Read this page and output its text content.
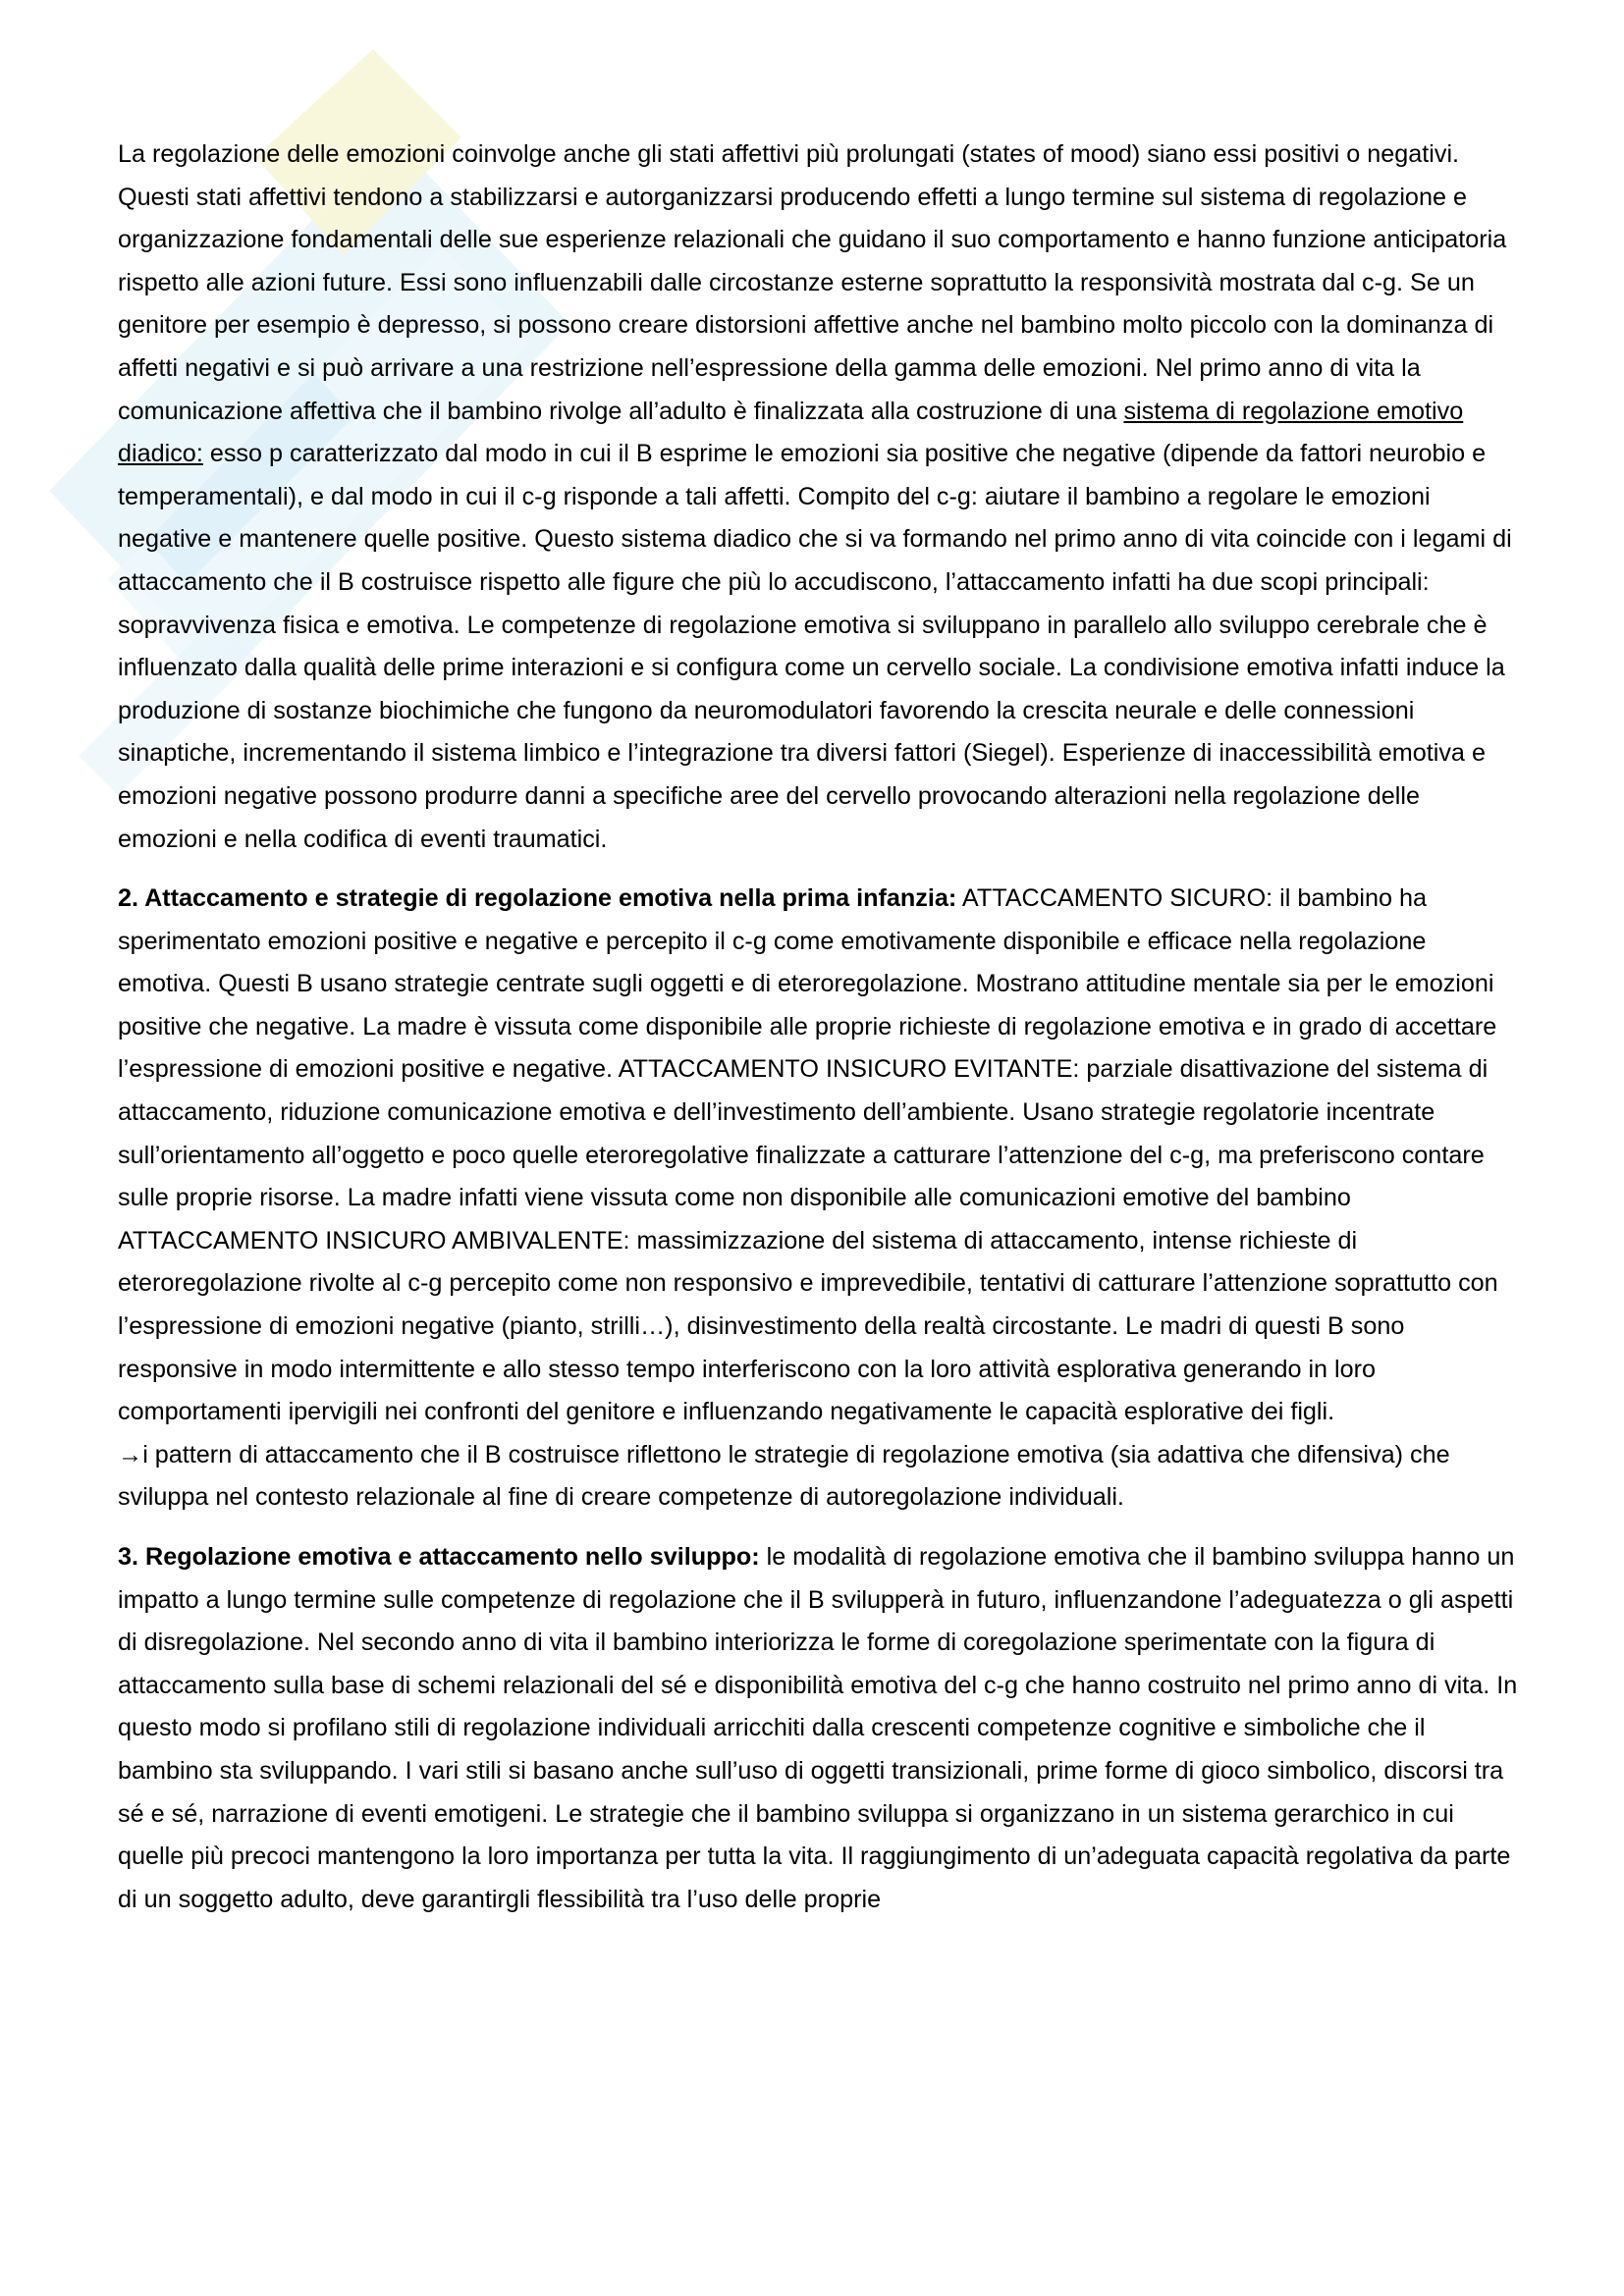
La regolazione delle emozioni coinvolge anche gli stati affettivi più prolungati (states of mood) siano essi positivi o negativi. Questi stati affettivi tendono a stabilizzarsi e autorganizzarsi producendo effetti a lungo termine sul sistema di regolazione e organizzazione fondamentali delle sue esperienze relazionali che guidano il suo comportamento e hanno funzione anticipatoria rispetto alle azioni future. Essi sono influenzabili dalle circostanze esterne soprattutto la responsività mostrata dal c-g. Se un genitore per esempio è depresso, si possono creare distorsioni affettive anche nel bambino molto piccolo con la dominanza di affetti negativi e si può arrivare a una restrizione nell’espressione della gamma delle emozioni. Nel primo anno di vita la comunicazione affettiva che il bambino rivolge all’adulto è finalizzata alla costruzione di una sistema di regolazione emotivo diadico: esso p caratterizzato dal modo in cui il B esprime le emozioni sia positive che negative (dipende da fattori neurobio e temperamentali), e dal modo in cui il c-g risponde a tali affetti. Compito del c-g: aiutare il bambino a regolare le emozioni negative e mantenere quelle positive. Questo sistema diadico che si va formando nel primo anno di vita coincide con i legami di attaccamento che il B costruisce rispetto alle figure che più lo accudiscono, l’attaccamento infatti ha due scopi principali: sopravvivenza fisica e emotiva. Le competenze di regolazione emotiva si sviluppano in parallelo allo sviluppo cerebrale che è influenzato dalla qualità delle prime interazioni e si configura come un cervello sociale. La condivisione emotiva infatti induce la produzione di sostanze biochimiche che fungono da neuromodulatori favorendo la crescita neurale e delle connessioni sinaptiche, incrementando il sistema limbico e l’integrazione tra diversi fattori (Siegel). Esperienze di inaccessibilità emotiva e emozioni negative possono produrre danni a specifiche aree del cervello provocando alterazioni nella regolazione delle emozioni e nella codifica di eventi traumatici.

2. Attaccamento e strategie di regolazione emotiva nella prima infanzia: ATTACCAMENTO SICURO: il bambino ha sperimentato emozioni positive e negative e percepito il c-g come emotivamente disponibile e efficace nella regolazione emotiva. Questi B usano strategie centrate sugli oggetti e di eteroregolazione. Mostrano attitudine mentale sia per le emozioni positive che negative. La madre è vissuta come disponibile alle proprie richieste di regolazione emotiva e in grado di accettare l’espressione di emozioni positive e negative. ATTACCAMENTO INSICURO EVITANTE: parziale disattivazione del sistema di attaccamento, riduzione comunicazione emotiva e dell’investimento dell’ambiente. Usano strategie regolatorie incentrate sull’orientamento all’oggetto e poco quelle eteroregolative finalizzate a catturare l’attenzione del c-g, ma preferiscono contare sulle proprie risorse. La madre infatti viene vissuta come non disponibile alle comunicazioni emotive del bambino ATTACCAMENTO INSICURO AMBIVALENTE: massimizzazione del sistema di attaccamento, intense richieste di eteroregolazione rivolte al c-g percepito come non responsivo e imprevedibile, tentativi di catturare l’attenzione soprattutto con l’espressione di emozioni negative (pianto, strilli…), disinvestimento della realtà circostante. Le madri di questi B sono responsive in modo intermittente e allo stesso tempo interferiscono con la loro attività esplorativa generando in loro comportamenti ipervigili nei confronti del genitore e influenzando negativamente le capacità esplorative dei figli.

→i pattern di attaccamento che il B costruisce riflettono le strategie di regolazione emotiva (sia adattiva che difensiva) che sviluppa nel contesto relazionale al fine di creare competenze di autoregolazione individuali.

3. Regolazione emotiva e attaccamento nello sviluppo: le modalità di regolazione emotiva che il bambino sviluppa hanno un impatto a lungo termine sulle competenze di regolazione che il B svilupperà in futuro, influenzandone l’adeguatezza o gli aspetti di disregolazione. Nel secondo anno di vita il bambino interiorizza le forme di coregolazione sperimentate con la figura di attaccamento sulla base di schemi relazionali del sé e disponibilità emotiva del c-g che hanno costruito nel primo anno di vita. In questo modo si profilano stili di regolazione individuali arricchiti dalla crescenti competenze cognitive e simboliche che il bambino sta sviluppando. I vari stili si basano anche sull’uso di oggetti transizionali, prime forme di gioco simbolico, discorsi tra sé e sé, narrazione di eventi emotigeni. Le strategie che il bambino sviluppa si organizzano in un sistema gerarchico in cui quelle più precoci mantengono la loro importanza per tutta la vita. Il raggiungimento di un’adeguata capacità regolativa da parte di un soggetto adulto, deve garantirgli flessibilità tra l’uso delle proprie
